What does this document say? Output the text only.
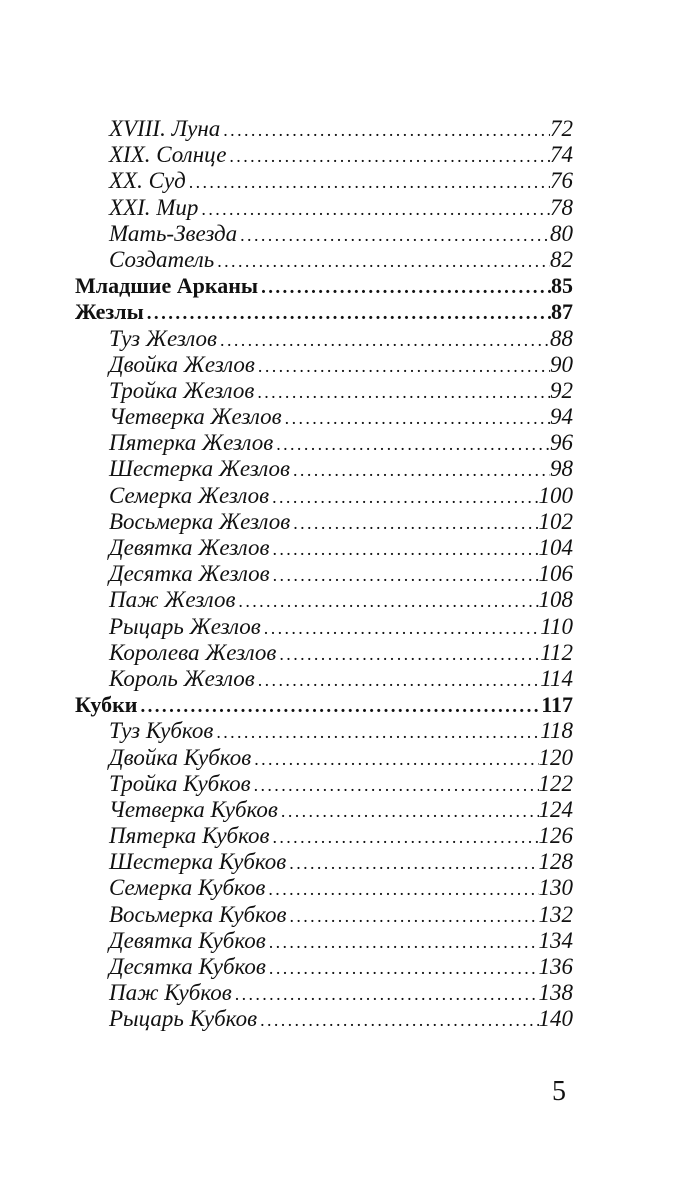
XVIII. Луна .....	72
XIX. Солнце .....	74
XX. Суд .....	76
XXI. Мир .....	78
Мать-Звезда .....	80
Создатель .....	82
Младшие Арканы .....	85
Жезлы .....	87
Туз Жезлов .....	88
Двойка Жезлов .....	90
Тройка Жезлов .....	92
Четверка Жезлов .....	94
Пятерка Жезлов .....	96
Шестерка Жезлов .....	98
Семерка Жезлов .....	100
Восьмерка Жезлов .....	102
Девятка Жезлов .....	104
Десятка Жезлов .....	106
Паж Жезлов .....	108
Рыцарь Жезлов .....	110
Королева Жезлов .....	112
Король Жезлов .....	114
Кубки .....	117
Туз Кубков .....	118
Двойка Кубков .....	120
Тройка Кубков .....	122
Четверка Кубков .....	124
Пятерка Кубков .....	126
Шестерка Кубков .....	128
Семерка Кубков .....	130
Восьмерка Кубков .....	132
Девятка Кубков .....	134
Десятка Кубков .....	136
Паж Кубков .....	138
Рыцарь Кубков .....	140
5
